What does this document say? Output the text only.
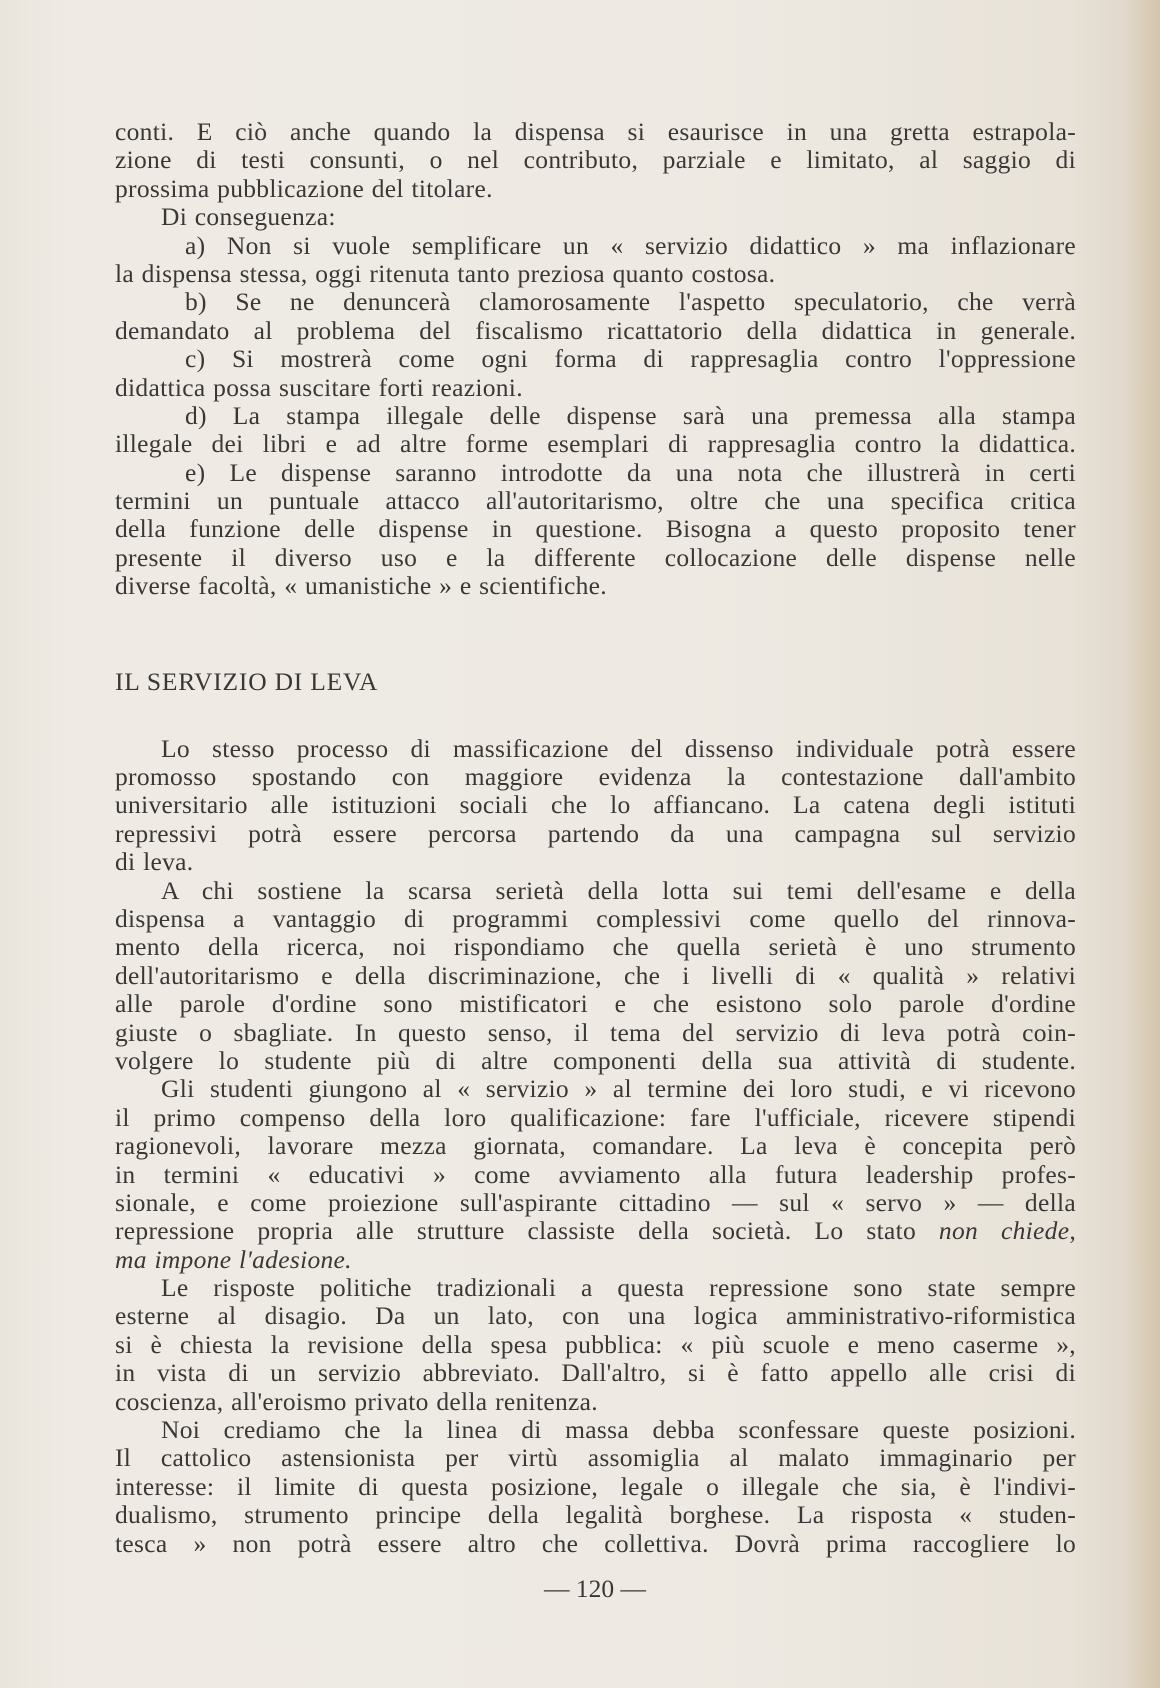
conti. E ciò anche quando la dispensa si esaurisce in una gretta estrapola-
zione di testi consunti, o nel contributo, parziale e limitato, al saggio di
prossima pubblicazione del titolare.
Di conseguenza:
a) Non si vuole semplificare un « servizio didattico » ma inflazionare
la dispensa stessa, oggi ritenuta tanto preziosa quanto costosa.
b) Se ne denuncerà clamorosamente l'aspetto speculatorio, che verrà
demandato al problema del fiscalismo ricattatorio della didattica in generale.
c) Si mostrerà come ogni forma di rappresaglia contro l'oppressione
didattica possa suscitare forti reazioni.
d) La stampa illegale delle dispense sarà una premessa alla stampa
illegale dei libri e ad altre forme esemplari di rappresaglia contro la didattica.
e) Le dispense saranno introdotte da una nota che illustrerà in certi
termini un puntuale attacco all'autoritarismo, oltre che una specifica critica
della funzione delle dispense in questione. Bisogna a questo proposito tener
presente il diverso uso e la differente collocazione delle dispense nelle
diverse facoltà, « umanistiche » e scientifiche.
IL SERVIZIO DI LEVA
Lo stesso processo di massificazione del dissenso individuale potrà essere
promosso spostando con maggiore evidenza la contestazione dall'ambito
universitario alle istituzioni sociali che lo affiancano. La catena degli istituti
repressivi potrà essere percorsa partendo da una campagna sul servizio
di leva.
A chi sostiene la scarsa serietà della lotta sui temi dell'esame e della
dispensa a vantaggio di programmi complessivi come quello del rinnova-
mento della ricerca, noi rispondiamo che quella serietà è uno strumento
dell'autoritarismo e della discriminazione, che i livelli di « qualità » relativi
alle parole d'ordine sono mistificatori e che esistono solo parole d'ordine
giuste o sbagliate. In questo senso, il tema del servizio di leva potrà coin-
volgere lo studente più di altre componenti della sua attività di studente.
Gli studenti giungono al « servizio » al termine dei loro studi, e vi ricevono
il primo compenso della loro qualificazione: fare l'ufficiale, ricevere stipendi
ragionevoli, lavorare mezza giornata, comandare. La leva è concepita però
in termini « educativi » come avviamento alla futura leadership profes-
sionale, e come proiezione sull'aspirante cittadino — sul « servo » — della
repressione propria alle strutture classiste della società. Lo stato non chiede,
ma impone l'adesione.
Le risposte politiche tradizionali a questa repressione sono state sempre
esterne al disagio. Da un lato, con una logica amministrativo-riformistica
si è chiesta la revisione della spesa pubblica: « più scuole e meno caserme »,
in vista di un servizio abbreviato. Dall'altro, si è fatto appello alle crisi di
coscienza, all'eroismo privato della renitenza.
Noi crediamo che la linea di massa debba sconfessare queste posizioni.
Il cattolico astensionista per virtù assomiglia al malato immaginario per
interesse: il limite di questa posizione, legale o illegale che sia, è l'indivi-
dualismo, strumento principe della legalità borghese. La risposta « studen-
tesca » non potrà essere altro che collettiva. Dovrà prima raccogliere lo
— 120 —
